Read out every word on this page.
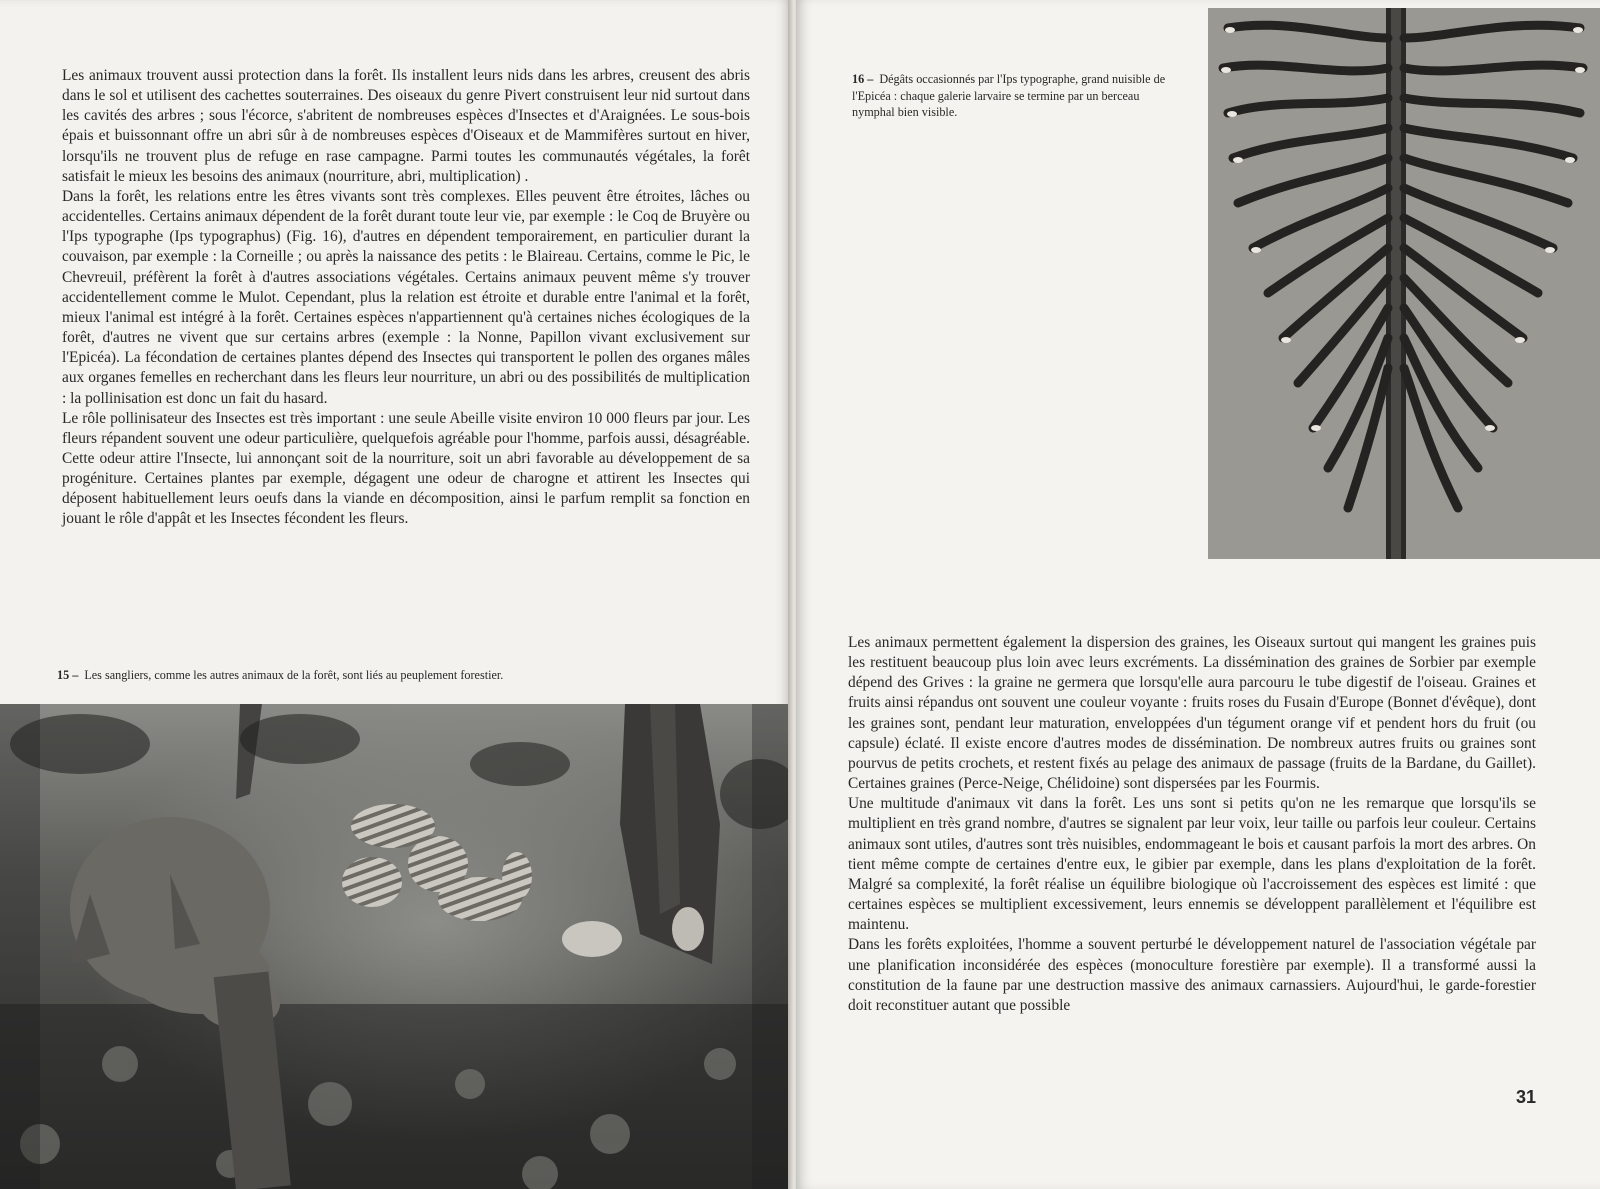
Les animaux trouvent aussi protection dans la forêt. Ils installent leurs nids dans les arbres, creusent des abris dans le sol et utilisent des cachettes souterraines. Des oiseaux du genre Pivert construisent leur nid surtout dans les cavités des arbres ; sous l'écorce, s'abritent de nombreuses espèces d'Insectes et d'Araignées. Le sous-bois épais et buissonnant offre un abri sûr à de nombreuses espèces d'Oiseaux et de Mammifères surtout en hiver, lorsqu'ils ne trouvent plus de refuge en rase campagne. Parmi toutes les communautés végétales, la forêt satisfait le mieux les besoins des animaux (nourriture, abri, multiplication) .

Dans la forêt, les relations entre les êtres vivants sont très complexes. Elles peuvent être étroites, lâches ou accidentelles. Certains animaux dépendent de la forêt durant toute leur vie, par exemple : le Coq de Bruyère ou l'Ips typographe (Ips typographus) (Fig. 16), d'autres en dépendent temporairement, en particulier durant la couvaison, par exemple : la Corneille ; ou après la naissance des petits : le Blaireau. Certains, comme le Pic, le Chevreuil, préfèrent la forêt à d'autres associations végétales. Certains animaux peuvent même s'y trouver accidentellement comme le Mulot. Cependant, plus la relation est étroite et durable entre l'animal et la forêt, mieux l'animal est intégré à la forêt. Certaines espèces n'appartiennent qu'à certaines niches écologiques de la forêt, d'autres ne vivent que sur certains arbres (exemple : la Nonne, Papillon vivant exclusivement sur l'Epicéa). La fécondation de certaines plantes dépend des Insectes qui transportent le pollen des organes mâles aux organes femelles en recherchant dans les fleurs leur nourriture, un abri ou des possibilités de multiplication : la pollinisation est donc un fait du hasard.

Le rôle pollinisateur des Insectes est très important : une seule Abeille visite environ 10 000 fleurs par jour. Les fleurs répandent souvent une odeur particulière, quelquefois agréable pour l'homme, parfois aussi, désagréable. Cette odeur attire l'Insecte, lui annonçant soit de la nourriture, soit un abri favorable au développement de sa progéniture. Certaines plantes par exemple, dégagent une odeur de charogne et attirent les Insectes qui déposent habituellement leurs oeufs dans la viande en décomposition, ainsi le parfum remplit sa fonction en jouant le rôle d'appât et les Insectes fécondent les fleurs.

15 – Les sangliers, comme les autres animaux de la forêt, sont liés au peuplement forestier.
16 – Dégâts occasionnés par l'Ips typographe, grand nuisible de l'Epicéa : chaque galerie larvaire se termine par un berceau nymphal bien visible.

Les animaux permettent également la dispersion des graines, les Oiseaux surtout qui mangent les graines puis les restituent beaucoup plus loin avec leurs excréments. La dissémination des graines de Sorbier par exemple dépend des Grives : la graine ne germera que lorsqu'elle aura parcouru le tube digestif de l'oiseau. Graines et fruits ainsi répandus ont souvent une couleur voyante : fruits roses du Fusain d'Europe (Bonnet d'évêque), dont les graines sont, pendant leur maturation, enveloppées d'un tégument orange vif et pendent hors du fruit (ou capsule) éclaté. Il existe encore d'autres modes de dissémination. De nombreux autres fruits ou graines sont pourvus de petits crochets, et restent fixés au pelage des animaux de passage (fruits de la Bardane, du Gaillet). Certaines graines (Perce-Neige, Chélidoine) sont dispersées par les Fourmis.

Une multitude d'animaux vit dans la forêt. Les uns sont si petits qu'on ne les remarque que lorsqu'ils se multiplient en très grand nombre, d'autres se signalent par leur voix, leur taille ou parfois leur couleur. Certains animaux sont utiles, d'autres sont très nuisibles, endommageant le bois et causant parfois la mort des arbres. On tient même compte de certaines d'entre eux, le gibier par exemple, dans les plans d'exploitation de la forêt. Malgré sa complexité, la forêt réalise un équilibre biologique où l'accroissement des espèces est limité : que certaines espèces se multiplient excessivement, leurs ennemis se développent parallèlement et l'équilibre est maintenu.

Dans les forêts exploitées, l'homme a souvent perturbé le développement naturel de l'association végétale par une planification inconsidérée des espèces (monoculture forestière par exemple). Il a transformé aussi la constitution de la faune par une destruction massive des animaux carnassiers. Aujourd'hui, le garde-forestier doit reconstituer autant que possible

31
